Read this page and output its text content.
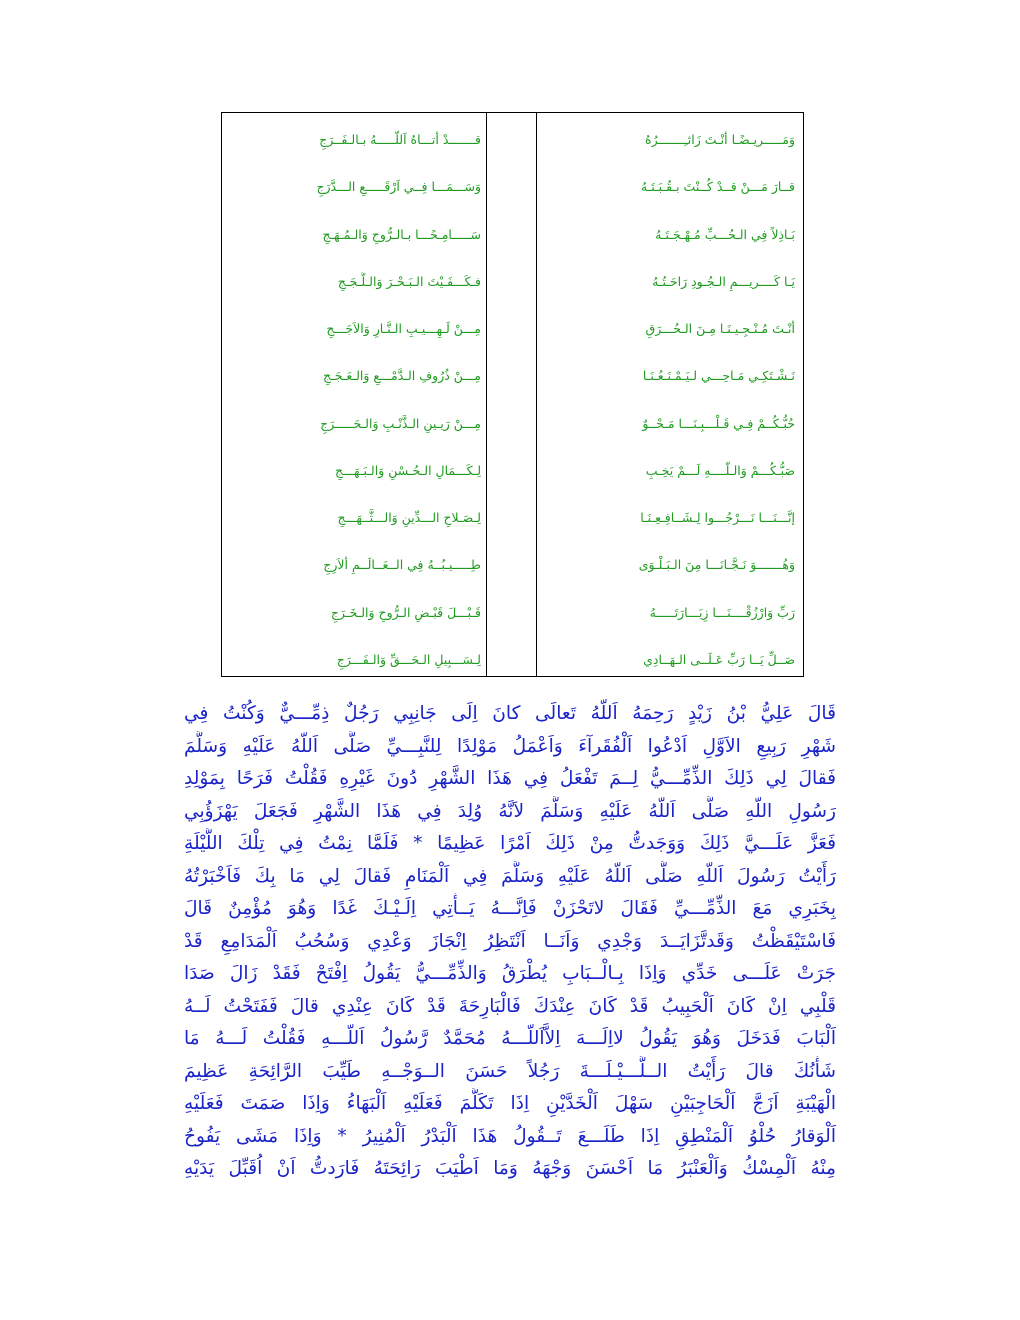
وَمَـــــريـضًـا أنْـتَ زَائـِـــــــرُهُ
قــارَ مَـــنْ قــدْ كُــنْتَ بـقُـبَـتَـهُ
بَـاذِلاً فِي الـحُـــبِّ مُـهْـجَـتَـهُ
يَـا كَــــريـــمِ الـجُـودِ رَاحَـتُـهُ
أنْـتَ مُـنْـجِـيـنَـا مِـنَ الـحُـــرَقِ
نَـشْـتَكِـي مَـاحِـــي لـيَـمْـنَـعُـنَـا
حُبُّـكُــمْ فِـي قَـلْـــبِـنَـــا مَـحْــوٌ
صَبُّـكُـــمْ وَالـلّــــهِ لَـــمْ يَخِـبِ
إنَّـــنَـــا نَـــرْجُـــوا لِـشَــافِـعِـنَـا
وَهُـــــــوَ نَـجَّـانَـــا مِنَ الـبَـلْـوَى
رَبِّ وَارْزُقْــــنَـــا زِيَـــارَتَـــــهُ
صَــلِّ يَــا رَبِّ عَـلَــى الـهَــادِي
قـــــــدْ أتـــاهُ اَللّـــــهُ بـالـفَــرَجِ
وَسَـــمَـــا فِــي اَرْقَـــــعِ الـــدَّرَجِ
سَـــــامِـحًـــا بـالـرُّوحِ وَالـمُـهَـجِ
فـكَـــفَـيْتَ الـبَـحْـرَ وَالـلُّـجَـجِ
مِـــنْ لَـهِـــيـبِ الـنَّـارِ وَالاَجَـــجِ
مِـــنْ ذُرُوفِ الـدَّمْـــعِ وَالـعَـجَـجِ
مِـــنْ رَيـينِ الـذَّنْـبِ وَالـحَـــــرَجِ
لِـكَـــمَالِ الـحُـسْنِ وَالـبَـهَـــجِ
لِـصَـلاحِ الـــدِّينِ وَالـــثَّــهَـــجِ
طِـــــيـبُــهُ فِي الــعَــالَــمِ ألاَرِجِ
قَـبْـــلَ قَبْـضِ الـرُّوحِ وَالـخَـرَجِ
لِـسَـــبِيلِ الـحَـــقِّ وَالـفَـــرَجِ
قَالَ عَلِيُّ بْنُ زَيْدٍ رَحِمَهُ اَللّهُ تَعالَى كانَ اِلَى جَانِبِي رَجُلٌ ذِمِّـــيٌّ وَكُنْتُ فِي
شَهْرِ رَبِيعِ الاَوَّلِ اَدْعُوا اَلْفُقَرآءَ وَاَعْمَلُ مَوْلِدًا لِلنَّبِـــيِّ صَلَّى اَللّهُ عَلَيْهِ وَسَلَّمَ
فَقالَ لِي ذَلِكَ الذِّمِّـــيُّ لِــمَ تَفْعَلُ فِي هَذَا الشَّهْرِ دُونَ غَيْرِهِ فَقُلْتُ فَرَحًا بِمَوْلِدِ
رَسُولِ اللّهِ صَلَّى اَللّهُ عَلَيْهِ وَسَلَّمَ لاَنَّهُ وُلِدَ فِي هَذَا الشَّهْرِ فَجَعَلَ يَهْزَؤُبِي
فَعَزَّ عَلَـــيَّ ذَلِكَ وَوَجَدتُّ مِنْ ذَلِكَ اَمْرًا عَظِيمًا * فَلَمَّا نِمْتُ فِي تِلْكَ اللَّيْلَةِ
رَأَيْتُ رَسُولَ اَللّهِ صَلَّى اَللّهُ عَلَيْهِ وَسَلَّمَ فِي اَلْمَنَامِ فَقالَ لِي مَا بِكَ فَاَخْبَرْتُهُ
بِخَبَرِي مَعَ الذِّمِّـــيِّ فَقَالَ لاتَحْزَنْ فَاِنَّـــهُ يَــأْتِي اِلَـيْـكَ غَدًا وَهُوَ مُؤْمِنٌ قَالَ
فَاسْتَيْقَظْتُ وَقَدتَّزَايَــدَ وَجْدِي وَاَنَــا اَنْتَظِرُ اِنْجَازَ وَعْدِي وَسُحُبُ اَلْمَدَامِعِ قَدْ
جَرَتْ عَلَـــى خَدِّي وَاِذَا بِـالْــبَابِ يُطْرَقُ وَالذِّمِّـــيُّ يَقُولُ اِفْتَحْ فَقَدْ زَالَ صَدَا
قَلْبِي اِنْ كَانَ اَلْحَبِيبُ قَدْ كَانَ عِنْدَكَ فَالْبَارِحَةَ قَدْ كَانَ عِنْدِي قالَ فَفَتَحْتُ لَــهُ
اَلْبَابَ فَدَخَلَ وَهُوَ يَقُولُ لااِلَـــهَ اِلاَّاَللّـــهُ مُحَمَّدٌ رَّسُولُ اَللّـــهِ فَقُلْتُ لَـــهُ مَا
شَأْنُكَ قالَ رَأَيْتُ الــلَّـــيْـلَـــةَ رَجُلاً حَسَنَ الــوَجْــهِ طَيِّبَ الرَّائِحَةِ عَظِيمَ
الْهَيْبَةِ اَزَجَّ اَلْحَاجِبَيْنِ سَهْلَ اَلْخَدَّيْنِ اِذَا تَكَلَّمَ فَعَلَيْهِ اَلْبَهَاءُ وَاِذَا صَمَتَ فَعَلَيْهِ
اَلْوَقارُ حُلْوُ اَلْمَنْطِقِ اِذَا طَلَـــعَ تَــقُولُ هَذَا اَلْبَدْرُ اَلْمُنِيرُ * وَاِذَا مَشَى يَفُوحُ
مِنْهُ اَلْمِسْكُ وَاَلْعَنْبَرُ مَا اَحْسَنَ وَجْهَهُ وَمَا اَطْيَبَ رَائِحَتَهُ فَارَدتُّ اَنْ اُقَبِّلَ يَدَيْهِ
